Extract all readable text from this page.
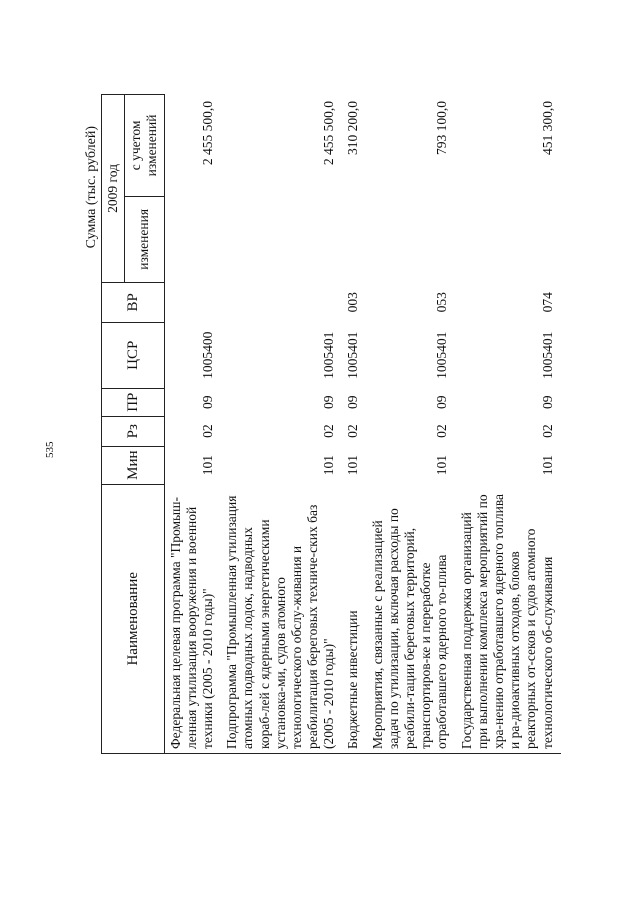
535
Сумма (тыс. рублей)
Наименование	Мин	Рз	ПР	ЦСР	ВР	2009 год	
						изменения	с учетом изменений
Федеральная целевая программа "Промыш-ленная утилизация вооружения и военной техники (2005 - 2010 годы)"	101	02	09	1005400			2 455 500,0
Подпрограмма "Промышленная утилизация атомных подводных лодок, надводных кораб-лей с ядерными энергетическими установка-ми, судов атомного технологического обслу-живания и реабилитация береговых техниче-ских баз (2005 - 2010 годы)"	101	02	09	1005401			2 455 500,0
Бюджетные инвестиции	101	02	09	1005401	003		310 200,0
Мероприятия, связанные с реализацией задач по утилизации, включая расходы по реабили-тации береговых территорий, транспортиров-ке и переработке отработавшего ядерного то-плива	101	02	09	1005401	053		793 100,0
Государственная поддержка организаций при выполнении комплекса мероприятий по хра-нению отработавшего ядерного топлива и ра-диоактивных отходов, блоков реакторных от-секов и судов атомного технологического об-служивания	101	02	09	1005401	074		451 300,0
